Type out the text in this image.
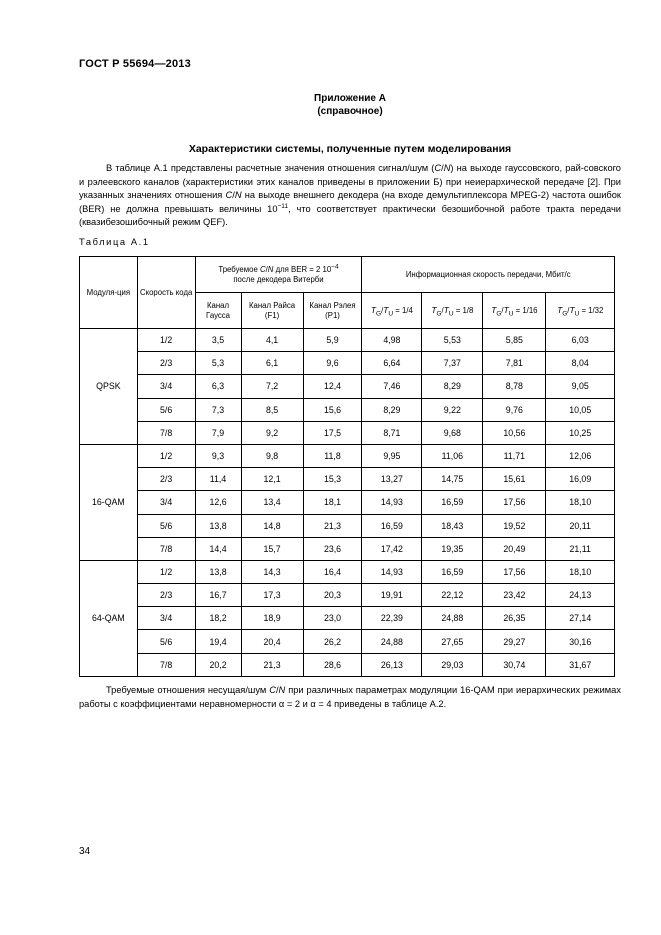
ГОСТ Р 55694—2013
Приложение А
(справочное)
Характеристики системы, полученные путем моделирования

В таблице А.1 представлены расчетные значения отношения сигнал/шум (C/N) на выходе гауссовского, рай-совского и рэлеевского каналов (характеристики этих каналов приведены в приложении Б) при неиерархической передаче [2]. При указанных значениях отношения C/N на выходе внешнего декодера (на входе демультиплексора MPEG-2) частота ошибок (BER) не должна превышать величины $10^{-11}$, что соответствует практически безошибочной работе тракта передачи (квазибезошибочный режим QEF).

Таблица А.1
Модуля-ция	Скорость кода	Требуемое C/N для BER = 2 $10^{-4}$
после декодера Витерби			Информационная скорость передачи, Мбит/с			
		Канал Гаусса	Канал Райса (F1)	Канал Рэлея (P1)	$T_G/T_U = 1/4$	$T_G/T_U = 1/8$	$T_G/T_U = 1/16$	$T_G/T_U = 1/32$
QPSK	1/2	3,5	4,1	5,9	4,98	5,53	5,85	6,03
	2/3	5,3	6,1	9,6	6,64	7,37	7,81	8,04
	3/4	6,3	7,2	12,4	7,46	8,29	8,78	9,05
	5/6	7,3	8,5	15,6	8,29	9,22	9,76	10,05
	7/8	7,9	9,2	17,5	8,71	9,68	10,56	10,25
16-QAM	1/2	9,3	9,8	11,8	9,95	11,06	11,71	12,06
	2/3	11,4	12,1	15,3	13,27	14,75	15,61	16,09
	3/4	12,6	13,4	18,1	14,93	16,59	17,56	18,10
	5/6	13,8	14,8	21,3	16,59	18,43	19,52	20,11
	7/8	14,4	15,7	23,6	17,42	19,35	20,49	21,11
64-QAM	1/2	13,8	14,3	16,4	14,93	16,59	17,56	18,10
	2/3	16,7	17,3	20,3	19,91	22,12	23,42	24,13
	3/4	18,2	18,9	23,0	22,39	24,88	26,35	27,14
	5/6	19,4	20,4	26,2	24,88	27,65	29,27	30,16
	7/8	20,2	21,3	28,6	26,13	29,03	30,74	31,67

Требуемые отношения несущая/шум C/N при различных параметрах модуляции 16-QAM при иерархических режимах работы с коэффициентами неравномерности α = 2 и α = 4 приведены в таблице А.2.

34
